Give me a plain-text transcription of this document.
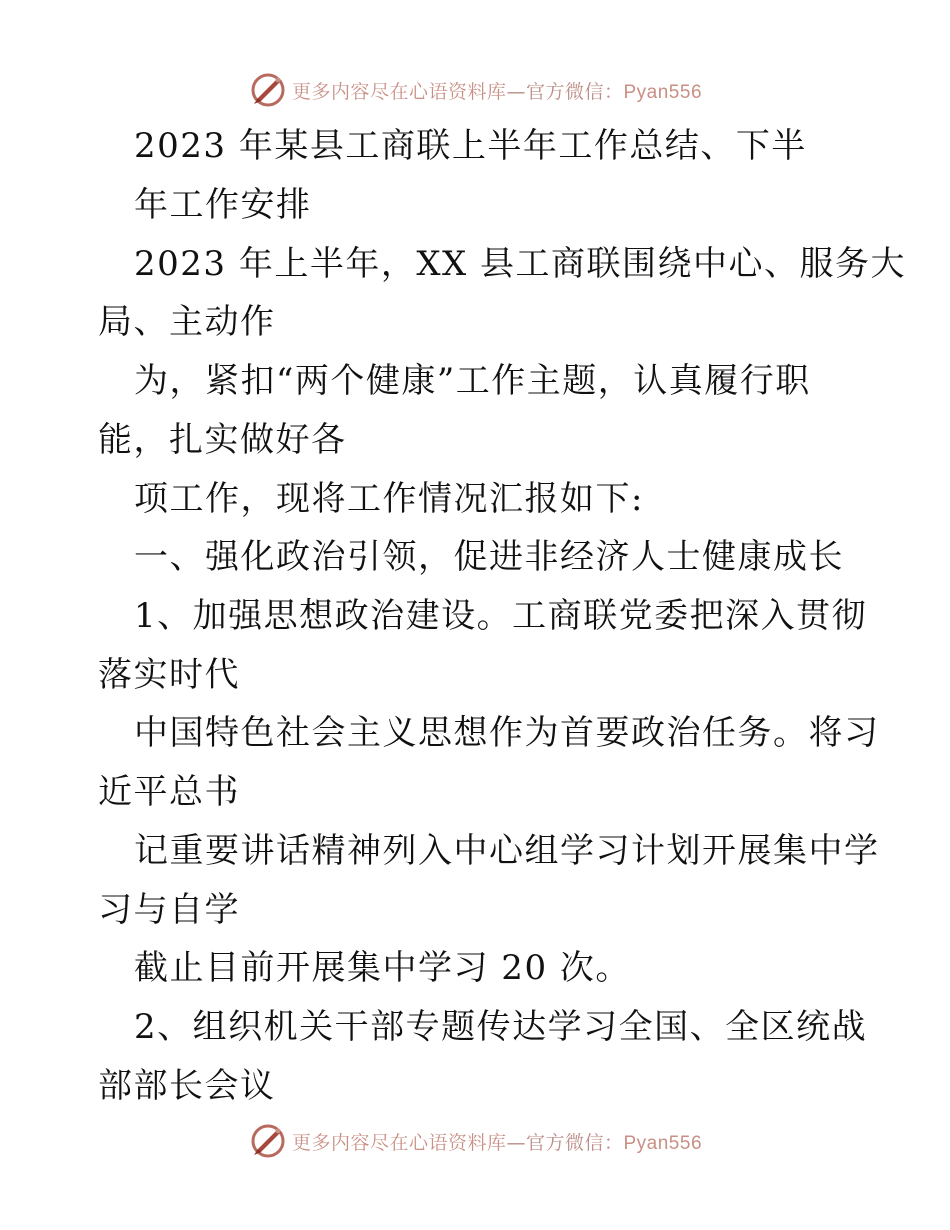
更多内容尽在心语资料库—官方微信：Pyan556
2023 年某县工商联上半年工作总结、下半
年工作安排
2023 年上半年，XX 县工商联围绕中心、服务大
局、主动作
为，紧扣“两个健康”工作主题，认真履行职
能，扎实做好各
项工作，现将工作情况汇报如下:
一、强化政治引领，促进非经济人士健康成长
1、加强思想政治建设。工商联党委把深入贯彻
落实时代
中国特色社会主义思想作为首要政治任务。将习
近平总书
记重要讲话精神列入中心组学习计划开展集中学
习与自学
截止目前开展集中学习 20 次。
2、组织机关干部专题传达学习全国、全区统战
部部长会议
更多内容尽在心语资料库—官方微信：Pyan556
